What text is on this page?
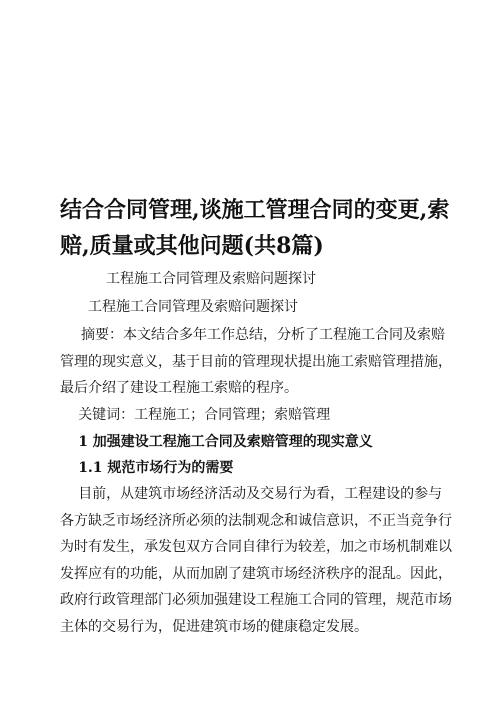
结合合同管理,谈施工管理合同的变更,索赔,质量或其他问题(共8篇)

工程施工合同管理及索赔问题探讨

工程施工合同管理及索赔问题探讨

摘要：本文结合多年工作总结，分析了工程施工合同及索赔管理的现实意义，基于目前的管理现状提出施工索赔管理措施，最后介绍了建设工程施工索赔的程序。

关键词：工程施工；合同管理；索赔管理

1 加强建设工程施工合同及索赔管理的现实意义

1.1 规范市场行为的需要

目前，从建筑市场经济活动及交易行为看，工程建设的参与各方缺乏市场经济所必须的法制观念和诚信意识，不正当竞争行为时有发生，承发包双方合同自律行为较差，加之市场机制难以发挥应有的功能，从而加剧了建筑市场经济秩序的混乱。因此，政府行政管理部门必须加强建设工程施工合同的管理，规范市场主体的交易行为，促进建筑市场的健康稳定发展。
